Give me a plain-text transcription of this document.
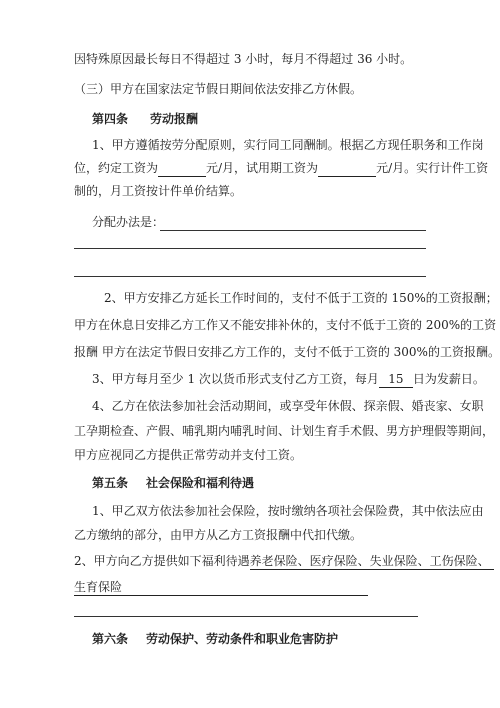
因特殊原因最长每日不得超过 3 小时，每月不得超过 36 小时。
（三）甲方在国家法定节假日期间依法安排乙方休假。
第四条 劳动报酬
1、甲方遵循按劳分配原则，实行同工同酬制。根据乙方现任职务和工作岗
位，约定工资为	元/月，试用期工资为	元/月。实行计件工资
制的，月工资按计件单价结算。
分配办法是：
2、甲方安排乙方延长工作时间的，支付不低于工资的 150%的工资报酬；
甲方在休息日安排乙方工作又不能安排补休的，支付不低于工资的 200%的工资
报酬 甲方在法定节假日安排乙方工作的，支付不低于工资的 300%的工资报酬。
3、甲方每月至少 1 次以货币形式支付乙方工资，每月 15 日为发薪日。
4、乙方在依法参加社会活动期间，或享受年休假、探亲假、婚丧家、女职
工孕期检查、产假、哺乳期内哺乳时间、计划生育手术假、男方护理假等期间，
甲方应视同乙方提供正常劳动并支付工资。
第五条 社会保险和福利待遇
1、甲乙双方依法参加社会保险，按时缴纳各项社会保险费，其中依法应由
乙方缴纳的部分，由甲方从乙方工资报酬中代扣代缴。
2、甲方向乙方提供如下福利待遇养老保险、医疗保险、失业保险、工伤保险、
生育保险
第六条 劳动保护、劳动条件和职业危害防护
